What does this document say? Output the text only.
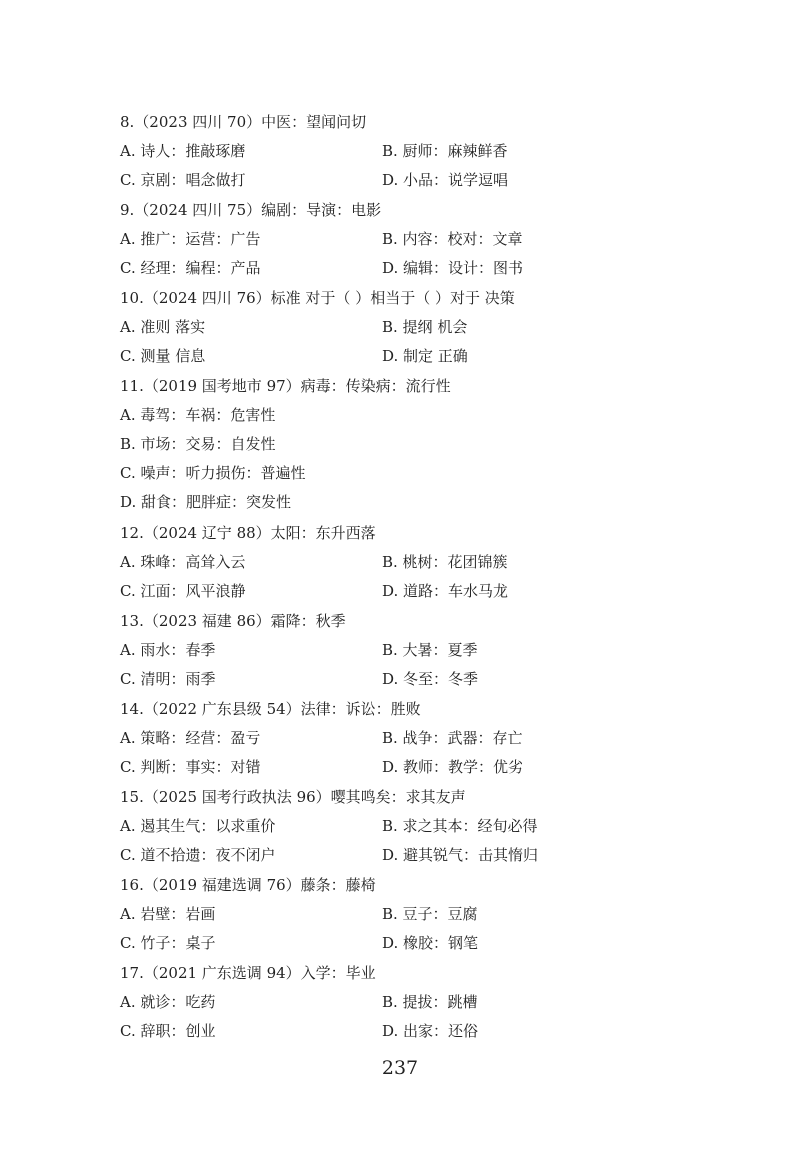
8.（2023 四川 70）中医：望闻问切
A. 诗人：推敲琢磨	B. 厨师：麻辣鲜香
C. 京剧：唱念做打	D. 小品：说学逗唱
9.（2024 四川 75）编剧：导演：电影
A. 推广：运营：广告	B. 内容：校对：文章
C. 经理：编程：产品	D. 编辑：设计：图书
10.（2024 四川 76）标准 对于（ ）相当于（ ）对于 决策
A. 准则 落实	B. 提纲 机会
C. 测量 信息	D. 制定 正确
11.（2019 国考地市 97）病毒：传染病：流行性
A. 毒驾：车祸：危害性
B. 市场：交易：自发性
C. 噪声：听力损伤：普遍性
D. 甜食：肥胖症：突发性
12.（2024 辽宁 88）太阳：东升西落
A. 珠峰：高耸入云	B. 桃树：花团锦簇
C. 江面：风平浪静	D. 道路：车水马龙
13.（2023 福建 86）霜降：秋季
A. 雨水：春季	B. 大暑：夏季
C. 清明：雨季	D. 冬至：冬季
14.（2022 广东县级 54）法律：诉讼：胜败
A. 策略：经营：盈亏	B. 战争：武器：存亡
C. 判断：事实：对错	D. 教师：教学：优劣
15.（2025 国考行政执法 96）嘤其鸣矣：求其友声
A. 遏其生气：以求重价	B. 求之其本：经旬必得
C. 道不拾遗：夜不闭户	D. 避其锐气：击其惰归
16.（2019 福建选调 76）藤条：藤椅
A. 岩壁：岩画	B. 豆子：豆腐
C. 竹子：桌子	D. 橡胶：钢笔
17.（2021 广东选调 94）入学：毕业
A. 就诊：吃药	B. 提拔：跳槽
C. 辞职：创业	D. 出家：还俗
237
